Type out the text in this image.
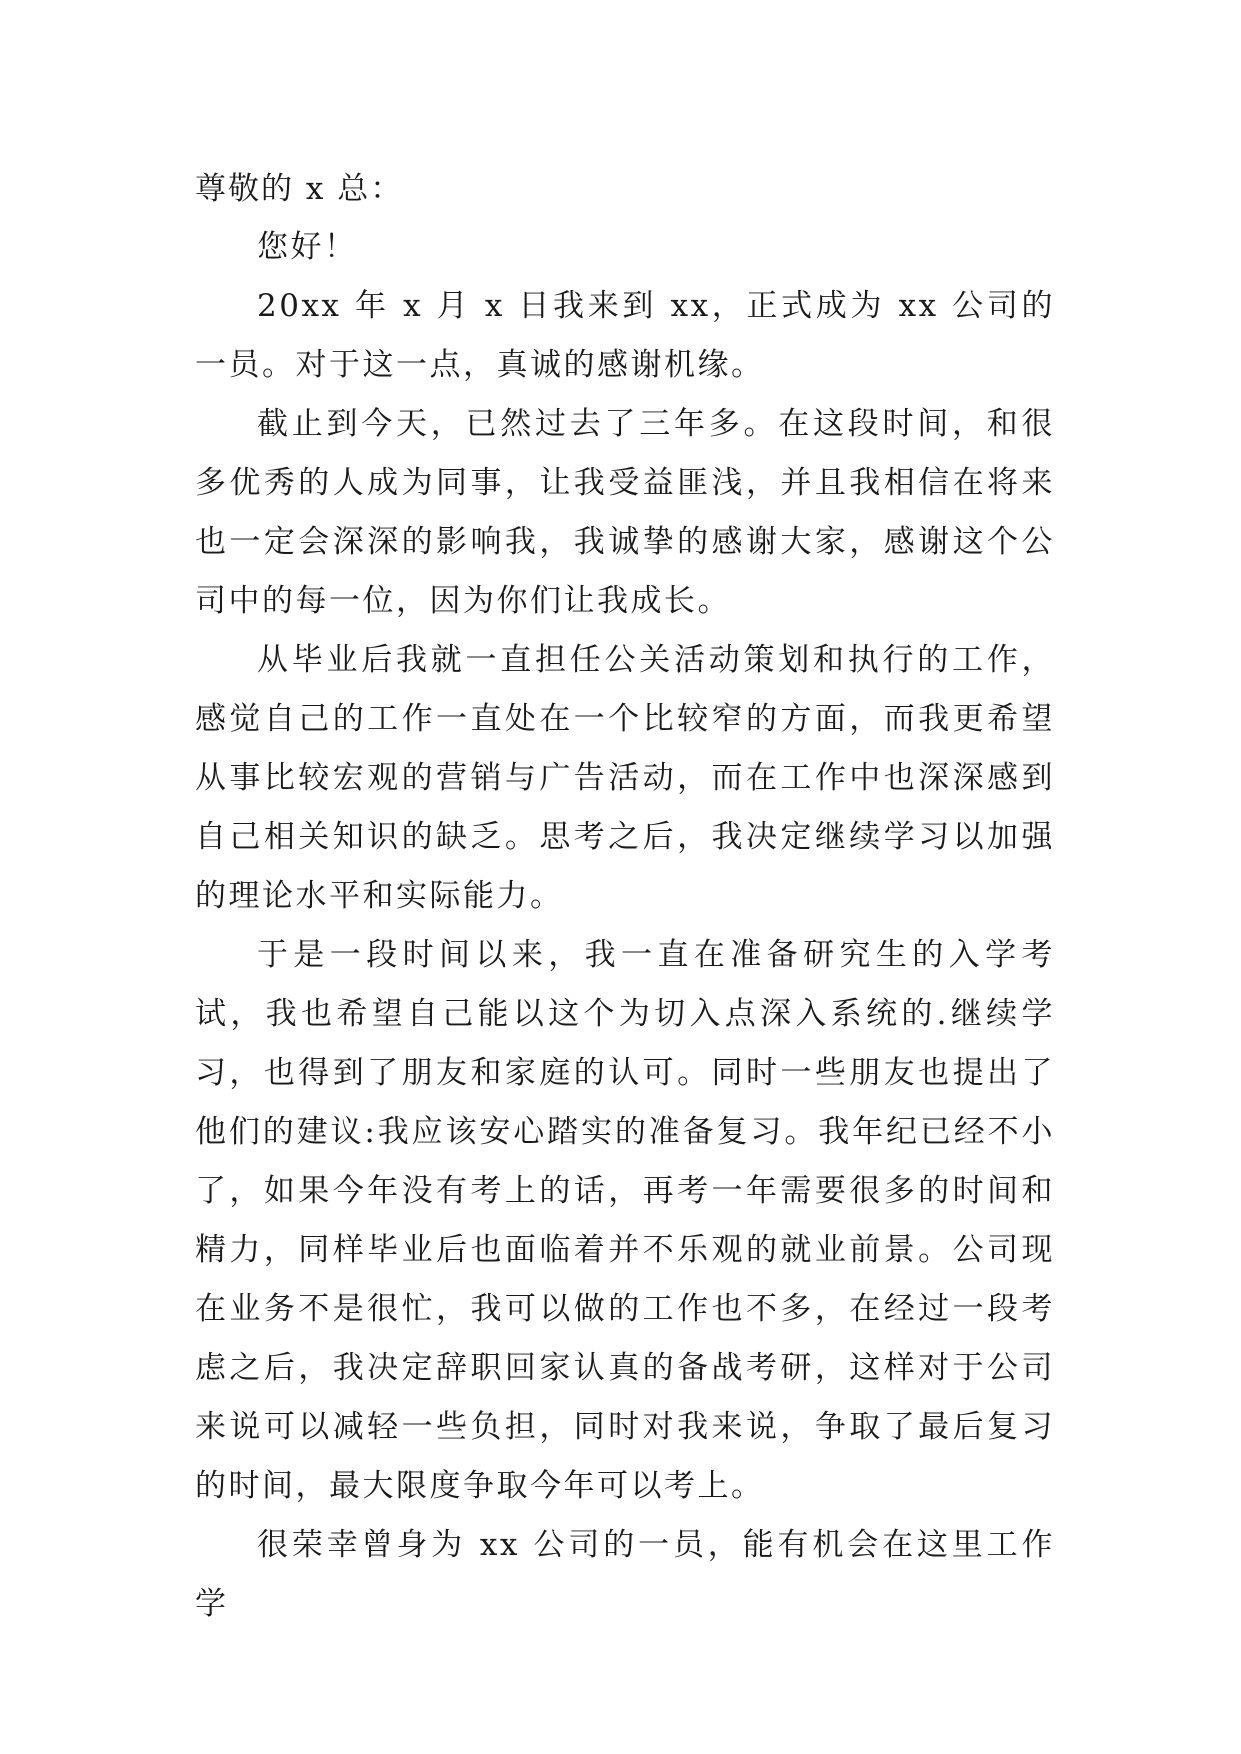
尊敬的 x 总：

您好！

20xx 年 x 月 x 日我来到 xx，正式成为 xx 公司的一员。对于这一点，真诚的感谢机缘。

截止到今天，已然过去了三年多。在这段时间，和很多优秀的人成为同事，让我受益匪浅，并且我相信在将来也一定会深深的影响我，我诚挚的感谢大家，感谢这个公司中的每一位，因为你们让我成长。

从毕业后我就一直担任公关活动策划和执行的工作，感觉自己的工作一直处在一个比较窄的方面，而我更希望从事比较宏观的营销与广告活动，而在工作中也深深感到自己相关知识的缺乏。思考之后，我决定继续学习以加强的理论水平和实际能力。

于是一段时间以来，我一直在准备研究生的入学考试，我也希望自己能以这个为切入点深入系统的.继续学习，也得到了朋友和家庭的认可。同时一些朋友也提出了他们的建议:我应该安心踏实的准备复习。我年纪已经不小了，如果今年没有考上的话，再考一年需要很多的时间和精力，同样毕业后也面临着并不乐观的就业前景。公司现在业务不是很忙，我可以做的工作也不多，在经过一段考虑之后，我决定辞职回家认真的备战考研，这样对于公司来说可以减轻一些负担，同时对我来说，争取了最后复习的时间，最大限度争取今年可以考上。

很荣幸曾身为 xx 公司的一员，能有机会在这里工作学
